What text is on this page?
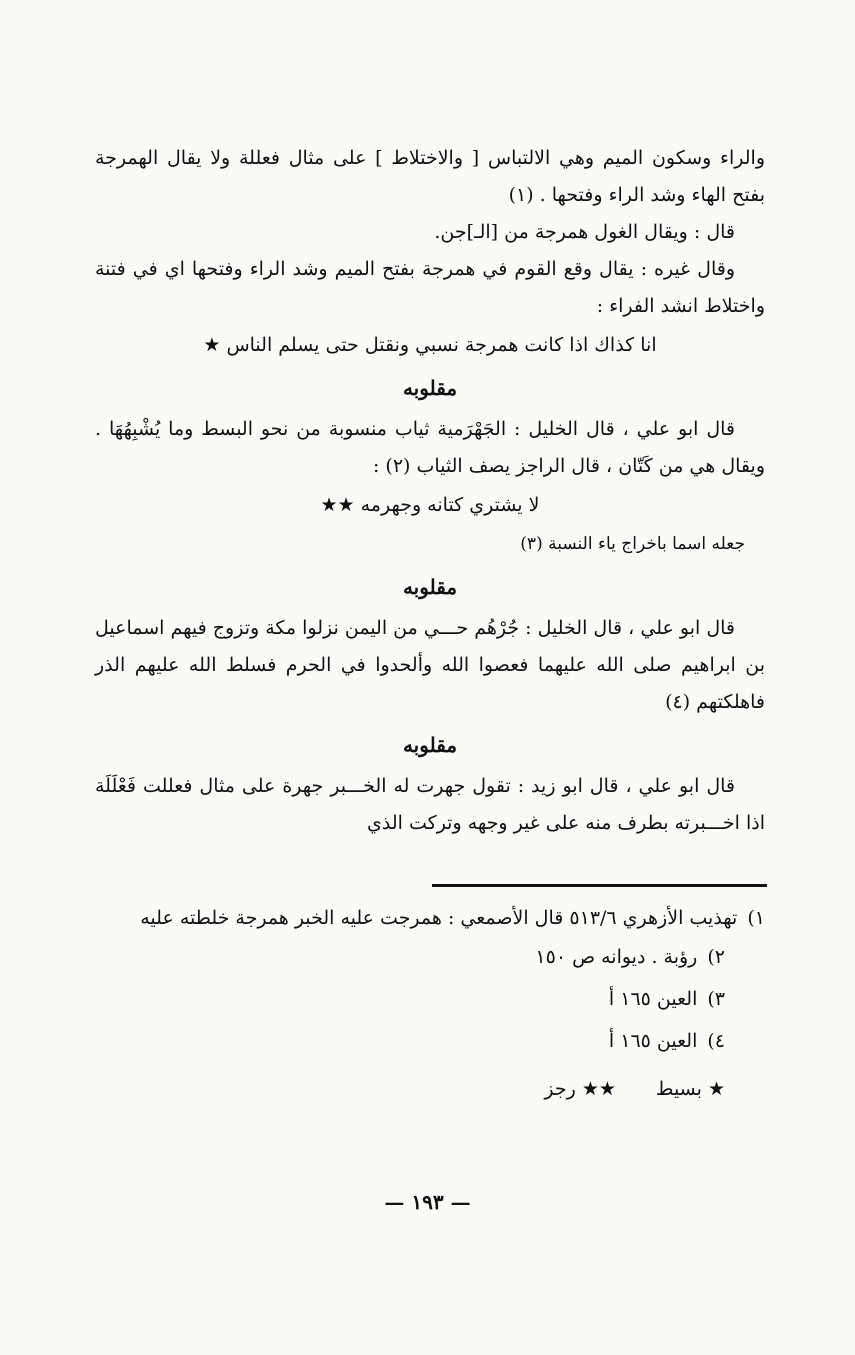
والراء وسكون الميم وهي الالتباس [ والاختلاط ] على مثال فعللة ولا يقال الهمرجة بفتح الهاء وشد الراء وفتحها . (١)

قال : ويقال الغول همرجة من [الـ]جن.

وقال غيره : يقال وقع القوم في همرجة بفتح الميم وشد الراء وفتحها اي في فتنة واختلاط انشد الفراء :

انا كذاك اذا كانت همرجة نسبي ونقتل حتى يسلم الناس ★

مقلوبه

قال ابو علي ، قال الخليل : الجَهْرَمية ثياب منسوبة من نحو البسط وما يُشْبِهُهَا . ويقال هي من كَتّان ، قال الراجز يصف الثياب (٢) :

لا يشتري كتانه وجهرمه ★★

جعله اسما باخراج ياء النسبة (٣)

مقلوبه

قال ابو علي ، قال الخليل : جُرْهُم حـــي من اليمن نزلوا مكة وتزوج فيهم اسماعيل بن ابراهيم صلى الله عليهما فعصوا الله وألحدوا في الحرم فسلط الله عليهم الذر فاهلكتهم (٤)

مقلوبه

قال ابو علي ، قال ابو زيد : تقول جهرت له الخـــبر جهرة على مثال فعللت فَعْلَلَة اذا اخـــبرته بطرف منه على غير وجهه وتركت الذي

١)تهذيب الأزهري ٥١٣/٦ قال الأصمعي : همرجت عليه الخبر همرجة خلطته عليه

٢)رؤبة . ديوانه ص ١٥٠

٣)العين ١٦٥ أ

٤)العين ١٦٥ أ

★ بسيط★★ رجز

— ١٩٣ —
